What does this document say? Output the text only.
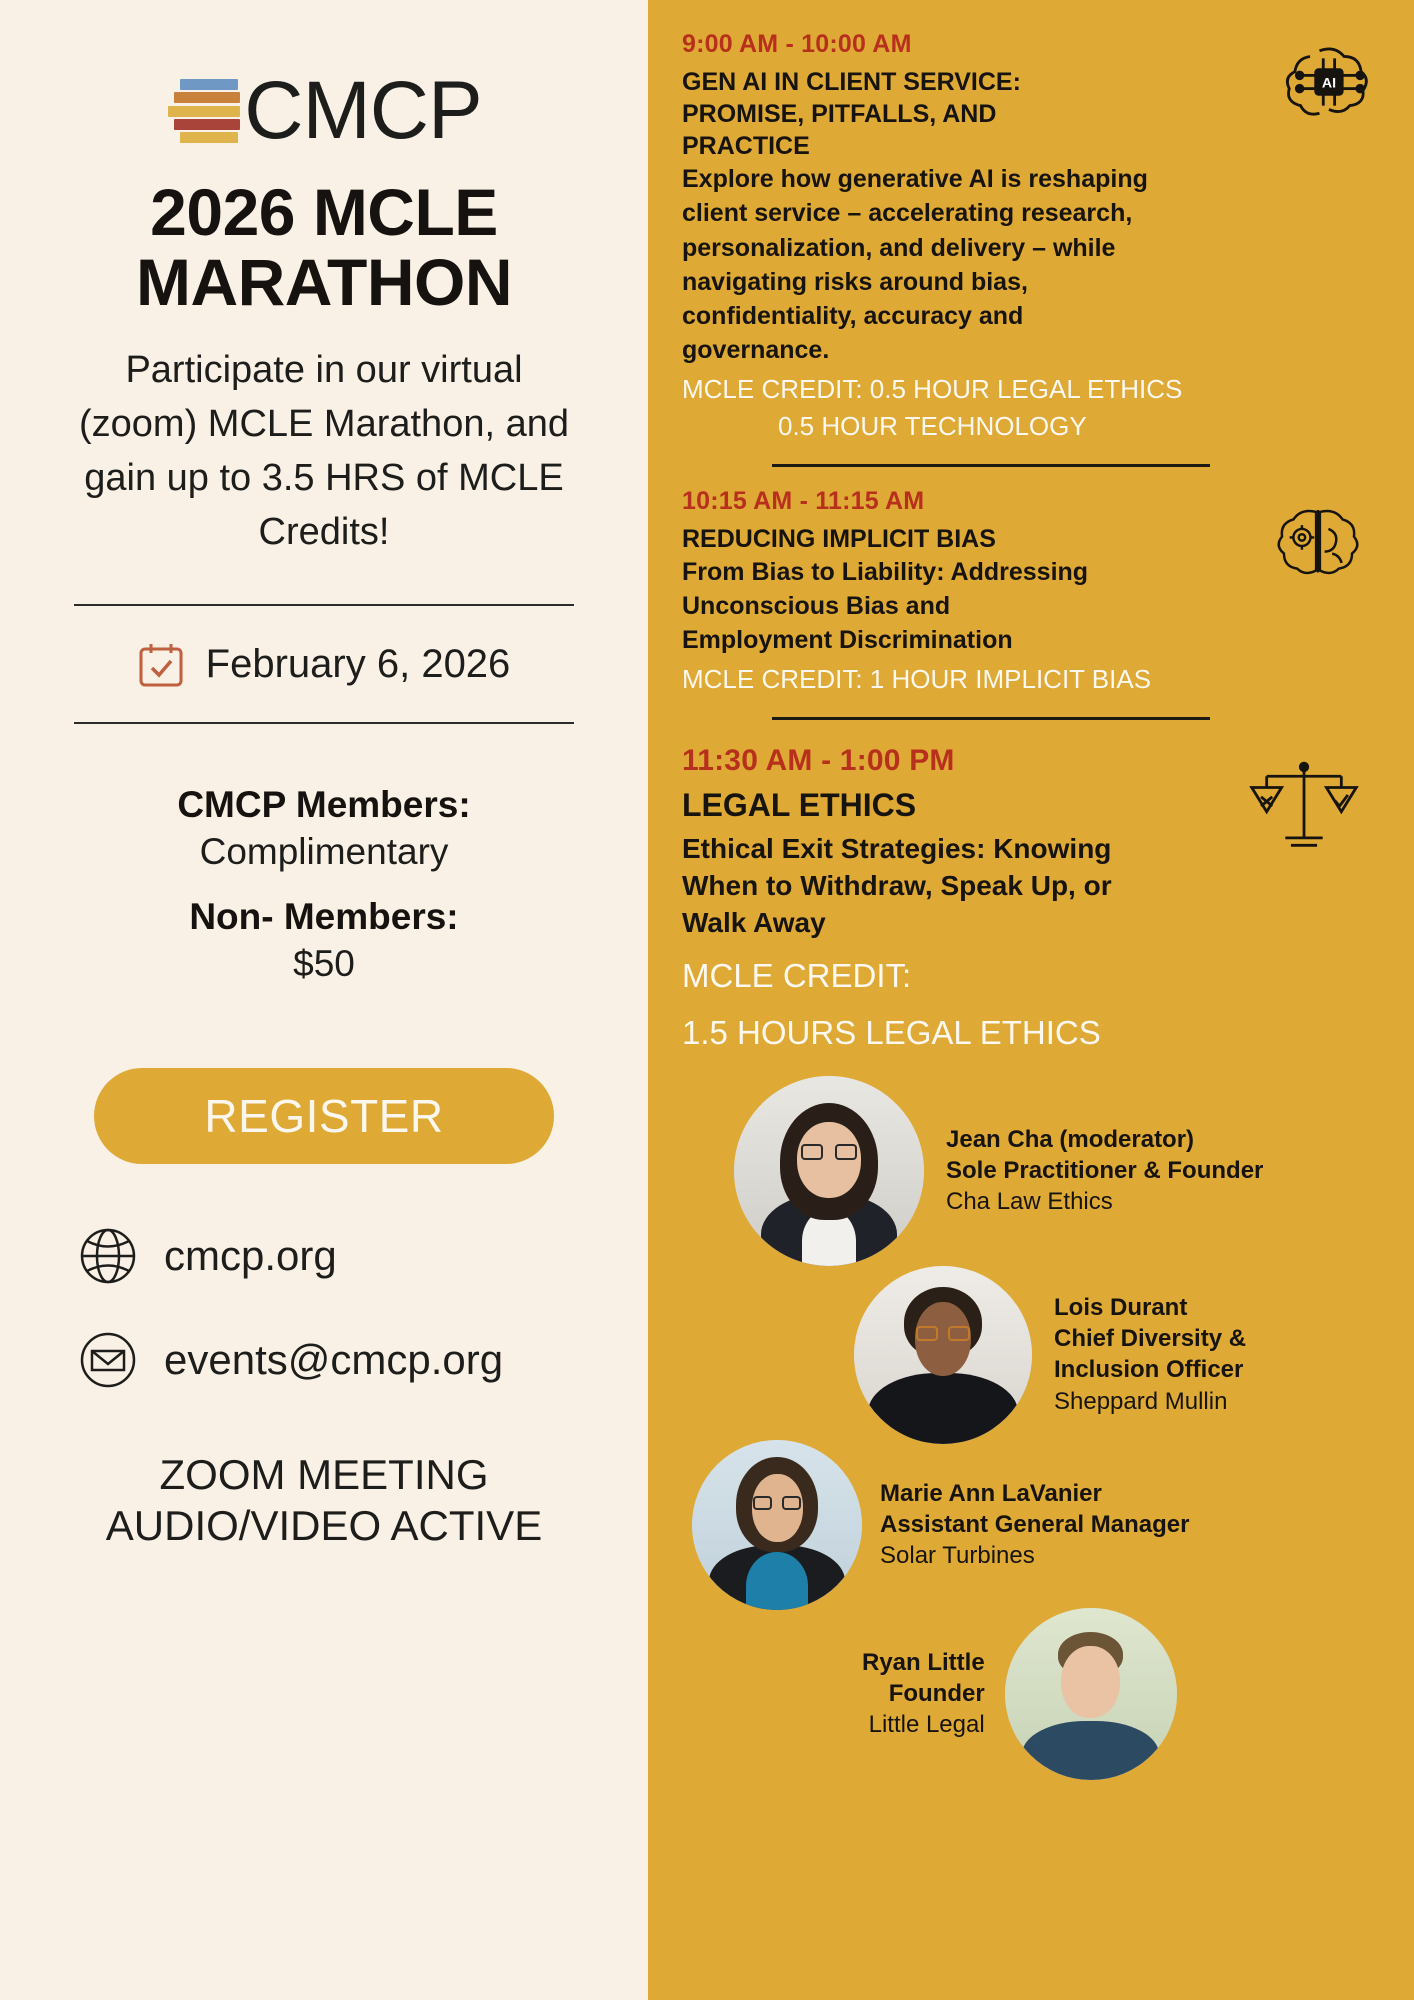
CMCP
2026 MCLE MARATHON
Participate in our virtual (zoom) MCLE Marathon, and gain up to 3.5 HRS of MCLE Credits!
February 6, 2026
CMCP Members:
Complimentary
Non- Members:
$50
REGISTER
cmcp.org
events@cmcp.org
ZOOM MEETING AUDIO/VIDEO ACTIVE
AI
9:00 AM - 10:00 AM
GEN AI IN CLIENT SERVICE: PROMISE, PITFALLS, AND PRACTICE
Explore how generative AI is reshaping client service – accelerating research, personalization, and delivery – while navigating risks around bias, confidentiality, accuracy and governance.
MCLE CREDIT: 0.5 HOUR LEGAL ETHICS
0.5 HOUR TECHNOLOGY
10:15 AM - 11:15 AM
REDUCING IMPLICIT BIAS
From Bias to Liability: Addressing Unconscious Bias and Employment Discrimination
MCLE CREDIT: 1 HOUR IMPLICIT BIAS
11:30 AM - 1:00 PM
LEGAL ETHICS
Ethical Exit Strategies: Knowing When to Withdraw, Speak Up, or Walk Away
MCLE CREDIT:
1.5 HOURS LEGAL ETHICS
Jean Cha (moderator)
Sole Practitioner & Founder
Cha Law Ethics
Lois Durant
Chief Diversity & Inclusion Officer
Sheppard Mullin
Marie Ann LaVanier
Assistant General Manager
Solar Turbines
Ryan Little
Founder
Little Legal
